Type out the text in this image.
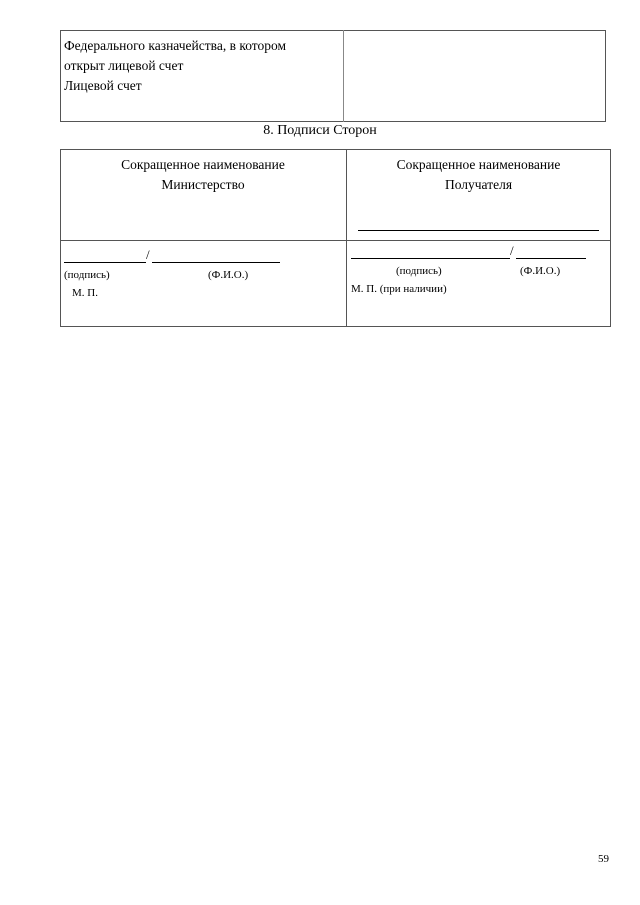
Федерального казначейства, в котором
открыт лицевой счет
Лицевой счет
8. Подписи Сторон
Сокращенное наименование
Министерство
Сокращенное наименование
Получателя
/
(подпись)	(Ф.И.О.)
М. П.
/
(подпись)	(Ф.И.О.)
М. П. (при наличии)
59
